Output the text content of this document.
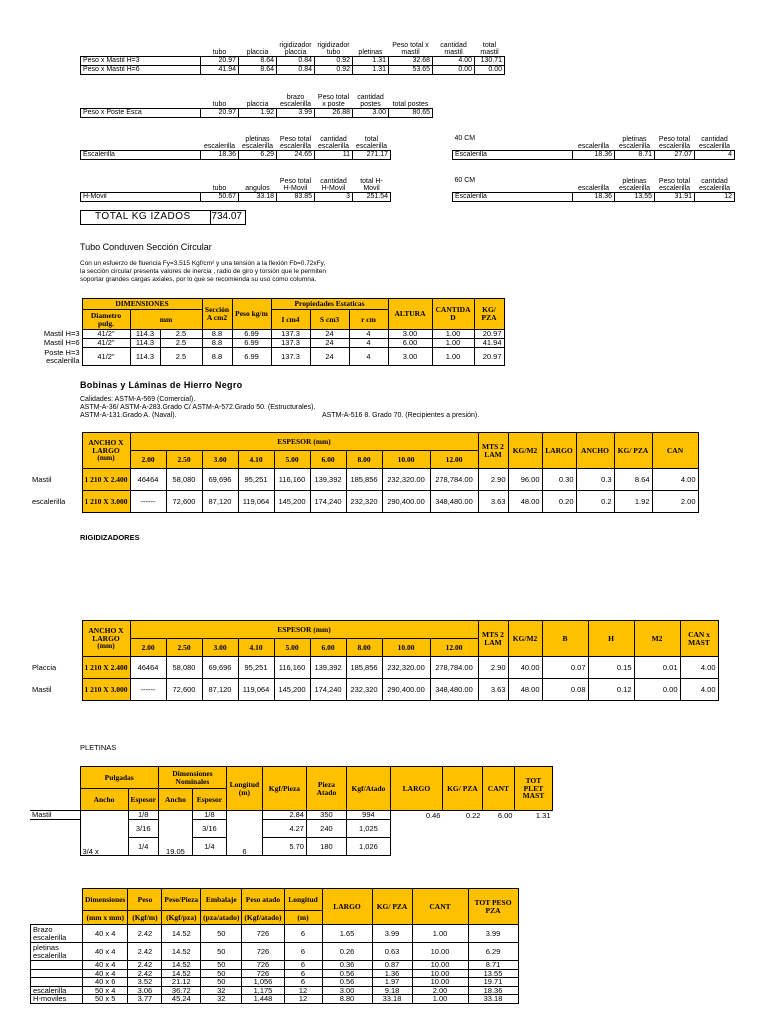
	tubo	placcia	rigidizador placcia	rigidizador tubo	pletinas	Peso total x mastil	cantidad mastil	total mastil
Peso x Mastil H=3	20.97	8.64	0.84	0.92	1.31	32.68	4.00	130.71
Peso x Mastil H=6	41.94	8.64	0.84	0.92	1.31	53.65	0.00	0.00
	tubo	placcia	brazo escalerilla	Peso total x poste	cantidad postes	total postes
Peso x Poste Esca	20.97	1.92	3.99	26.88	3.00	80.65
	escalerilla	pletinas escalerilla	Peso total escalerilla	cantidad escalerilla	total escalerilla
Escalerilla	18.36	6.29	24.65	11	271.17
40 CM	escalerilla	pletinas escalerilla	Peso total escalerilla	cantidad escalerilla
Escalerilla	18.36	8.71	27.07	4
	tubo	angulos	Peso total H-Movil	cantidad H-Movil	total H-Movil
H-Movil	50.67	33.18	83.85	3	251.54
60 CM	escalerilla	pletinas escalerilla	Peso total escalerilla	cantidad escalerilla
Escalerilla	18.36	13.55	31.91	12
TOTAL KG IZADOS	734.07
Tubo Conduven Sección Circular
Con un esfuerzo de fluencia Fy=3.515 Kgf/cm² y una tensión a la flexión Fb=0.72xFy,
la sección circular presenta valores de inercia , radio de giro y torsión que le permiten
soportar grandes cargas axiales, por lo que se recomienda su uso como columna.
	DIMENSIONES			Sección A cm2	Peso kg/m	Propiedades Estaticas			ALTURA	CANTIDA D	KG/ PZA
	Diametro pulg.	mm				I cm4	S cm3	r cm			
Mastil H=3	41/2"	114.3	2.5	8.8	6.99	137.3	24	4	3.00	1.00	20.97
Mastil H=6	41/2"	114.3	2.5	8.8	6.99	137.3	24	4	6.00	1.00	41.94
Poste H=3 escalerilla	41/2"	114.3	2.5	8.8	6.99	137.3	24	4	3.00	1.00	20.97
Bobinas y Láminas de Hierro Negro
Calidades: ASTM-A-569 (Comercial).
ASTM-A-36/ ASTM-A-283.Grado C/ ASTM-A-572.Grado 50. (Estructurales).
ASTM-A-131.Grado A. (Naval).	ASTM-A-516 8. Grado 70. (Recipientes a presión).
	ANCHO X LARGO (mm)	ESPESOR (mm)									MTS 2 LAM	KG/M2	LARGO	ANCHO	KG/ PZA	CAN
		2.00	2.50	3.00	4.10	5.00	6.00	8.00	10.00	12.00						
Mastil	1 210 X 2.400	46464	58,080	69,696	95,251	116,160	139,392	185,856	232,320.00	278,784.00	2.90	96.00	0.30	0.3	8.64	4.00
escalerilla	1 210 X 3.000	------	72,600	87,120	119,064	145,200	174,240	232,320	290,400.00	348,480.00	3.63	48.00	0.20	0.2	1.92	2.00
RIGIDIZADORES
	ANCHO X LARGO (mm)	ESPESOR (mm)									MTS 2 LAM	KG/M2	B	H	M2	CAN x MAST
		2.00	2.50	3.00	4.10	5.00	6.00	8.00	10.00	12.00						
Placcia	1 210 X 2.400	46464	58,080	69,696	95,251	116,160	139,392	185,856	232,320.00	278,784.00	2.90	40.00	0.07	0.15	0.01	4.00
Mastil	1 210 X 3.000	------	72,600	87,120	119,064	145,200	174,240	232,320	290,400.00	348,480.00	3.63	48.00	0.08	0.12	0.00	4.00
PLETINAS
	Pulgadas		Dimensiones Nominales		Longitud (m)	Kgf/Pieza	Pieza Atado	Kgf/Atado	LARGO	KG/ PZA	CANT	TOT PLET MAST
	Ancho	Espesor	Ancho	Espesor								
Mastil	3/4 x	1/8	19.05	1/8	6	2.84	350	994	0.46	0.22	6.00	1.31
		3/16		3/16		4.27	240	1,025				
		1/4		1/4		5.70	180	1,026				
	Dimensiones	Peso	Peso/Pieza	Embalaje	Peso atado	Longitud	LARGO	KG/ PZA	CANT	TOT PESO PZA
	(mm x mm)	(Kgf/m)	(Kgf/pza)	(pza/atado)	(Kgf/atado)	(m)				
Brazo escalerilla	40 x 4	2.42	14.52	50	726	6	1.65	3.99	1.00	3.99
pletinas escalerilla	40 x 4	2.42	14.52	50	726	6	0.26	0.63	10.00	6.29
	40 x 4	2.42	14.52	50	726	6	0.36	0.87	10.00	8.71
	40 x 4	2.42	14.52	50	726	6	0.56	1.36	10.00	13.55
	40 x 6	3.52	21.12	50	1,056	6	0.56	1.97	10.00	19.71
escalerilla	50 x 4	3.06	36.72	32	1,175	12	3.00	9.18	2.00	18.36
H-moviles	50 x 5	3.77	45.24	32	1,448	12	8.80	33.18	1.00	33.18
